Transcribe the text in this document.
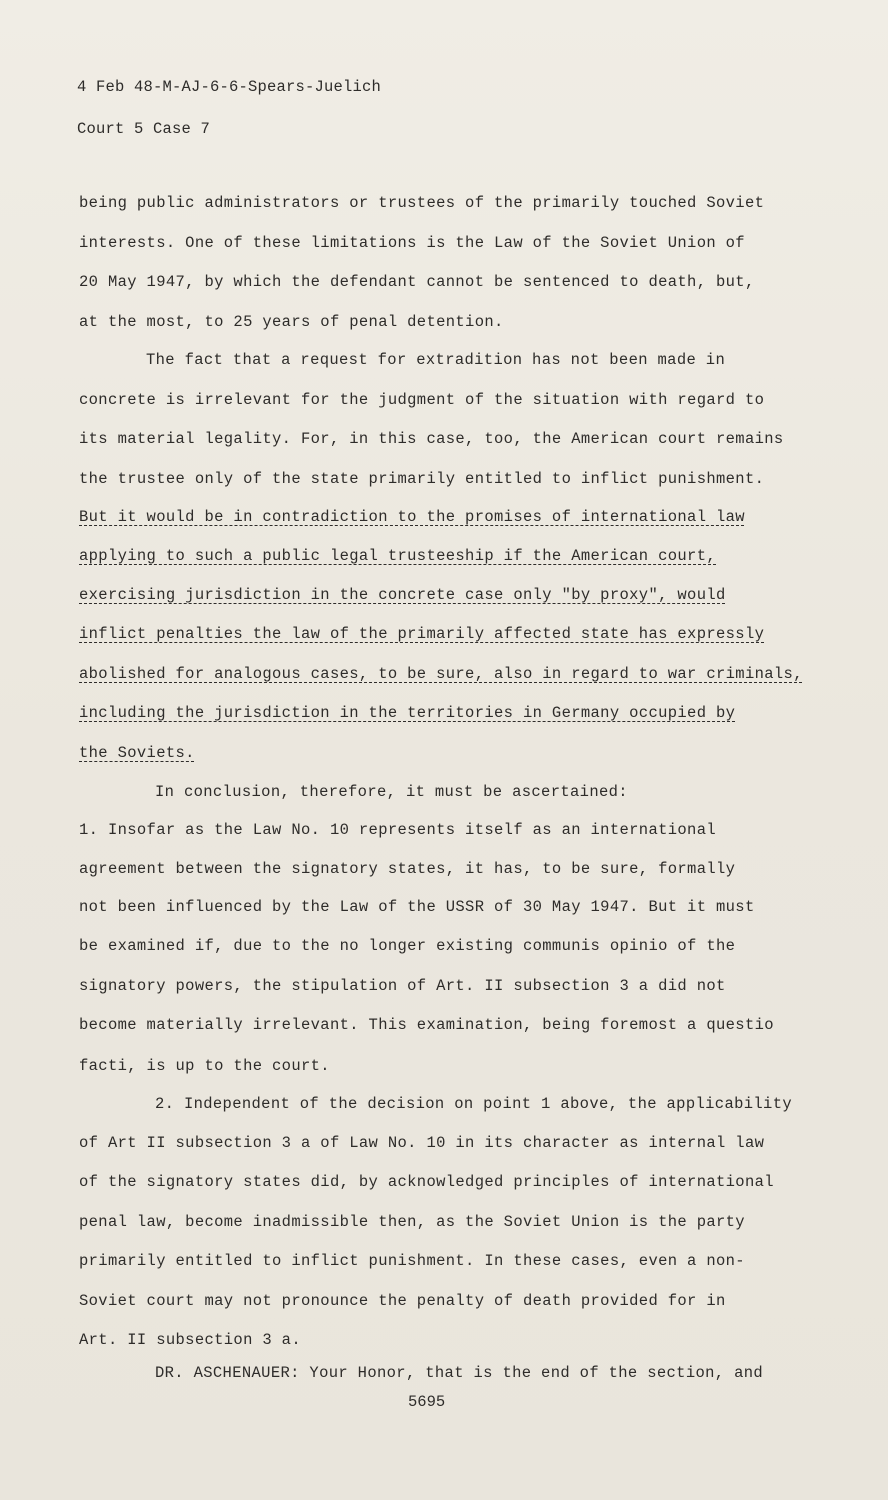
4 Feb 48-M-AJ-6-6-Spears-Juelich
Court 5 Case 7
being public administrators or trustees of the primarily touched Soviet
interests. One of these limitations is the Law of the Soviet Union of
20 May 1947, by which the defendant cannot be sentenced to death, but,
at the most, to 25 years of penal detention.
The fact that a request for extradition has not been made in
concrete is irrelevant for the judgment of the situation with regard to
its material legality. For, in this case, too, the American court remains
the trustee only of the state primarily entitled to inflict punishment.
But it would be in contradiction to the promises of international law
applying to such a public legal trusteeship if the American court,
exercising jurisdiction in the concrete case only "by proxy", would
inflict penalties the law of the primarily affected state has expressly
abolished for analogous cases, to be sure, also in regard to war criminals,
including the jurisdiction in the territories in Germany occupied by
the Soviets.
In conclusion, therefore, it must be ascertained:
1. Insofar as the Law No. 10 represents itself as an international
agreement between the signatory states, it has, to be sure, formally
not been influenced by the Law of the USSR of 30 May 1947. But it must
be examined if, due to the no longer existing communis opinio of the
signatory powers, the stipulation of Art. II subsection 3 a did not
become materially irrelevant. This examination, being foremost a questio
facti, is up to the court.
2. Independent of the decision on point 1 above, the applicability
of Art II subsection 3 a of Law No. 10 in its character as internal law
of the signatory states did, by acknowledged principles of international
penal law, become inadmissible then, as the Soviet Union is the party
primarily entitled to inflict punishment. In these cases, even a non-
Soviet court may not pronounce the penalty of death provided for in
Art. II subsection 3 a.
DR. ASCHENAUER: Your Honor, that is the end of the section, and
5695
